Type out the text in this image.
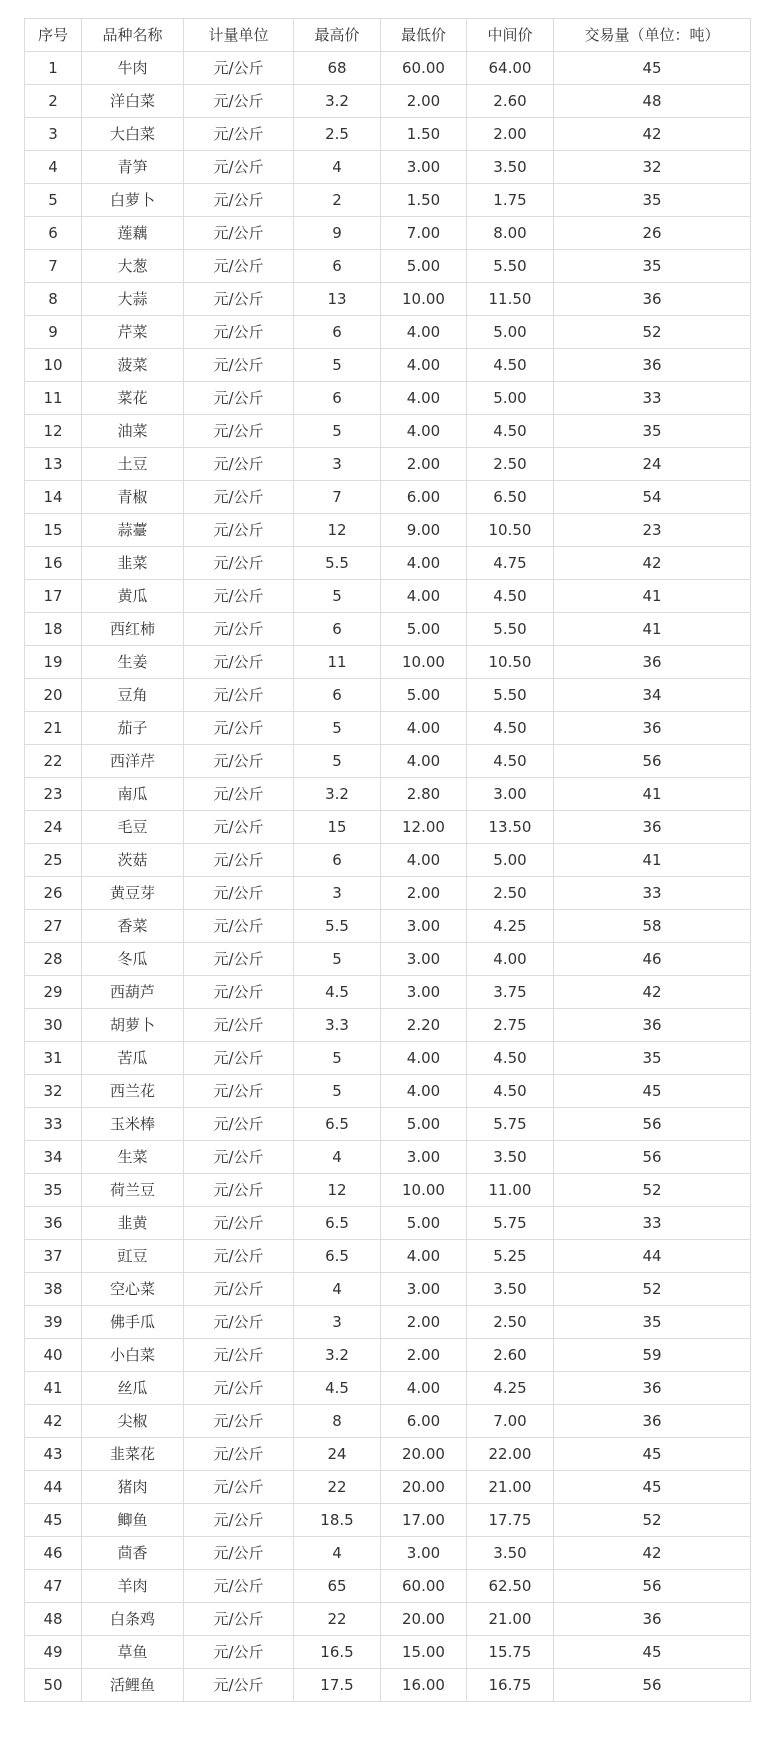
序号	品种名称	计量单位	最高价	最低价	中间价	交易量（单位：吨）
1	牛肉	元/公斤	68	60.00	64.00	45
2	洋白菜	元/公斤	3.2	2.00	2.60	48
3	大白菜	元/公斤	2.5	1.50	2.00	42
4	青笋	元/公斤	4	3.00	3.50	32
5	白萝卜	元/公斤	2	1.50	1.75	35
6	莲藕	元/公斤	9	7.00	8.00	26
7	大葱	元/公斤	6	5.00	5.50	35
8	大蒜	元/公斤	13	10.00	11.50	36
9	芹菜	元/公斤	6	4.00	5.00	52
10	菠菜	元/公斤	5	4.00	4.50	36
11	菜花	元/公斤	6	4.00	5.00	33
12	油菜	元/公斤	5	4.00	4.50	35
13	土豆	元/公斤	3	2.00	2.50	24
14	青椒	元/公斤	7	6.00	6.50	54
15	蒜薹	元/公斤	12	9.00	10.50	23
16	韭菜	元/公斤	5.5	4.00	4.75	42
17	黄瓜	元/公斤	5	4.00	4.50	41
18	西红柿	元/公斤	6	5.00	5.50	41
19	生姜	元/公斤	11	10.00	10.50	36
20	豆角	元/公斤	6	5.00	5.50	34
21	茄子	元/公斤	5	4.00	4.50	36
22	西洋芹	元/公斤	5	4.00	4.50	56
23	南瓜	元/公斤	3.2	2.80	3.00	41
24	毛豆	元/公斤	15	12.00	13.50	36
25	茨菇	元/公斤	6	4.00	5.00	41
26	黄豆芽	元/公斤	3	2.00	2.50	33
27	香菜	元/公斤	5.5	3.00	4.25	58
28	冬瓜	元/公斤	5	3.00	4.00	46
29	西葫芦	元/公斤	4.5	3.00	3.75	42
30	胡萝卜	元/公斤	3.3	2.20	2.75	36
31	苦瓜	元/公斤	5	4.00	4.50	35
32	西兰花	元/公斤	5	4.00	4.50	45
33	玉米棒	元/公斤	6.5	5.00	5.75	56
34	生菜	元/公斤	4	3.00	3.50	56
35	荷兰豆	元/公斤	12	10.00	11.00	52
36	韭黄	元/公斤	6.5	5.00	5.75	33
37	豇豆	元/公斤	6.5	4.00	5.25	44
38	空心菜	元/公斤	4	3.00	3.50	52
39	佛手瓜	元/公斤	3	2.00	2.50	35
40	小白菜	元/公斤	3.2	2.00	2.60	59
41	丝瓜	元/公斤	4.5	4.00	4.25	36
42	尖椒	元/公斤	8	6.00	7.00	36
43	韭菜花	元/公斤	24	20.00	22.00	45
44	猪肉	元/公斤	22	20.00	21.00	45
45	鲫鱼	元/公斤	18.5	17.00	17.75	52
46	茴香	元/公斤	4	3.00	3.50	42
47	羊肉	元/公斤	65	60.00	62.50	56
48	白条鸡	元/公斤	22	20.00	21.00	36
49	草鱼	元/公斤	16.5	15.00	15.75	45
50	活鲤鱼	元/公斤	17.5	16.00	16.75	56
